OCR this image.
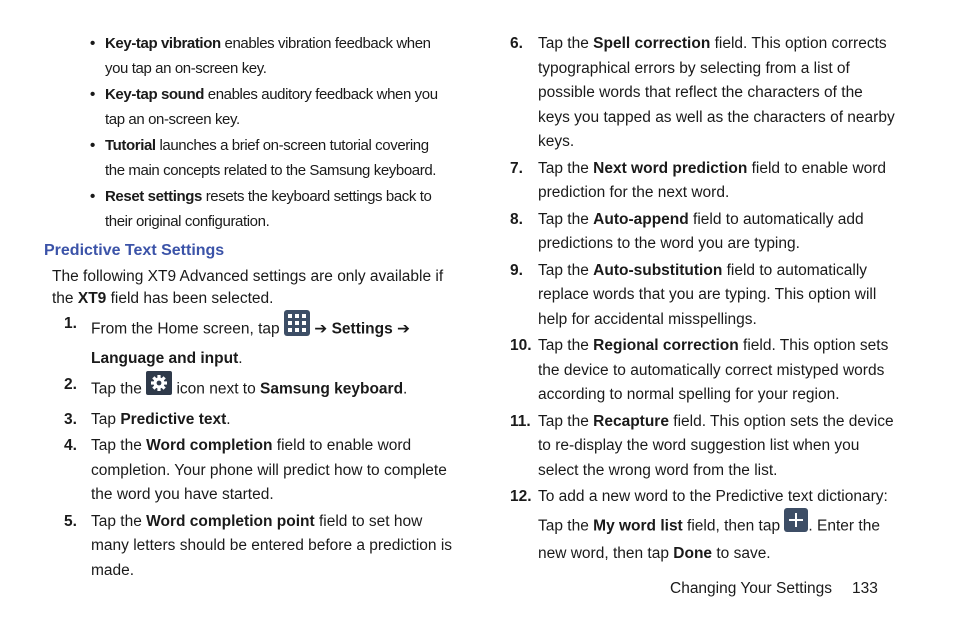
• Key-tap vibration enables vibration feedback when you tap an on-screen key.
• Key-tap sound enables auditory feedback when you tap an on-screen key.
• Tutorial launches a brief on-screen tutorial covering the main concepts related to the Samsung keyboard.
• Reset settings resets the keyboard settings back to their original configuration.

Predictive Text Settings

The following XT9 Advanced settings are only available if the XT9 field has been selected.

1. From the Home screen, tap  ➔ Settings ➔ Language and input.
2. Tap the  icon next to Samsung keyboard.
3. Tap Predictive text.
4. Tap the Word completion field to enable word completion. Your phone will predict how to complete the word you have started.
5. Tap the Word completion point field to set how many letters should be entered before a prediction is made.
6. Tap the Spell correction field. This option corrects typographical errors by selecting from a list of possible words that reflect the characters of the keys you tapped as well as the characters of nearby keys.
7. Tap the Next word prediction field to enable word prediction for the next word.
8. Tap the Auto-append field to automatically add predictions to the word you are typing.
9. Tap the Auto-substitution field to automatically replace words that you are typing. This option will help for accidental misspellings.
10. Tap the Regional correction field. This option sets the device to automatically correct mistyped words according to normal spelling for your region.
11. Tap the Recapture field. This option sets the device to re-display the word suggestion list when you select the wrong word from the list.
12. To add a new word to the Predictive text dictionary: Tap the My word list field, then tap . Enter the new word, then tap Done to save.
Changing Your Settings 133
